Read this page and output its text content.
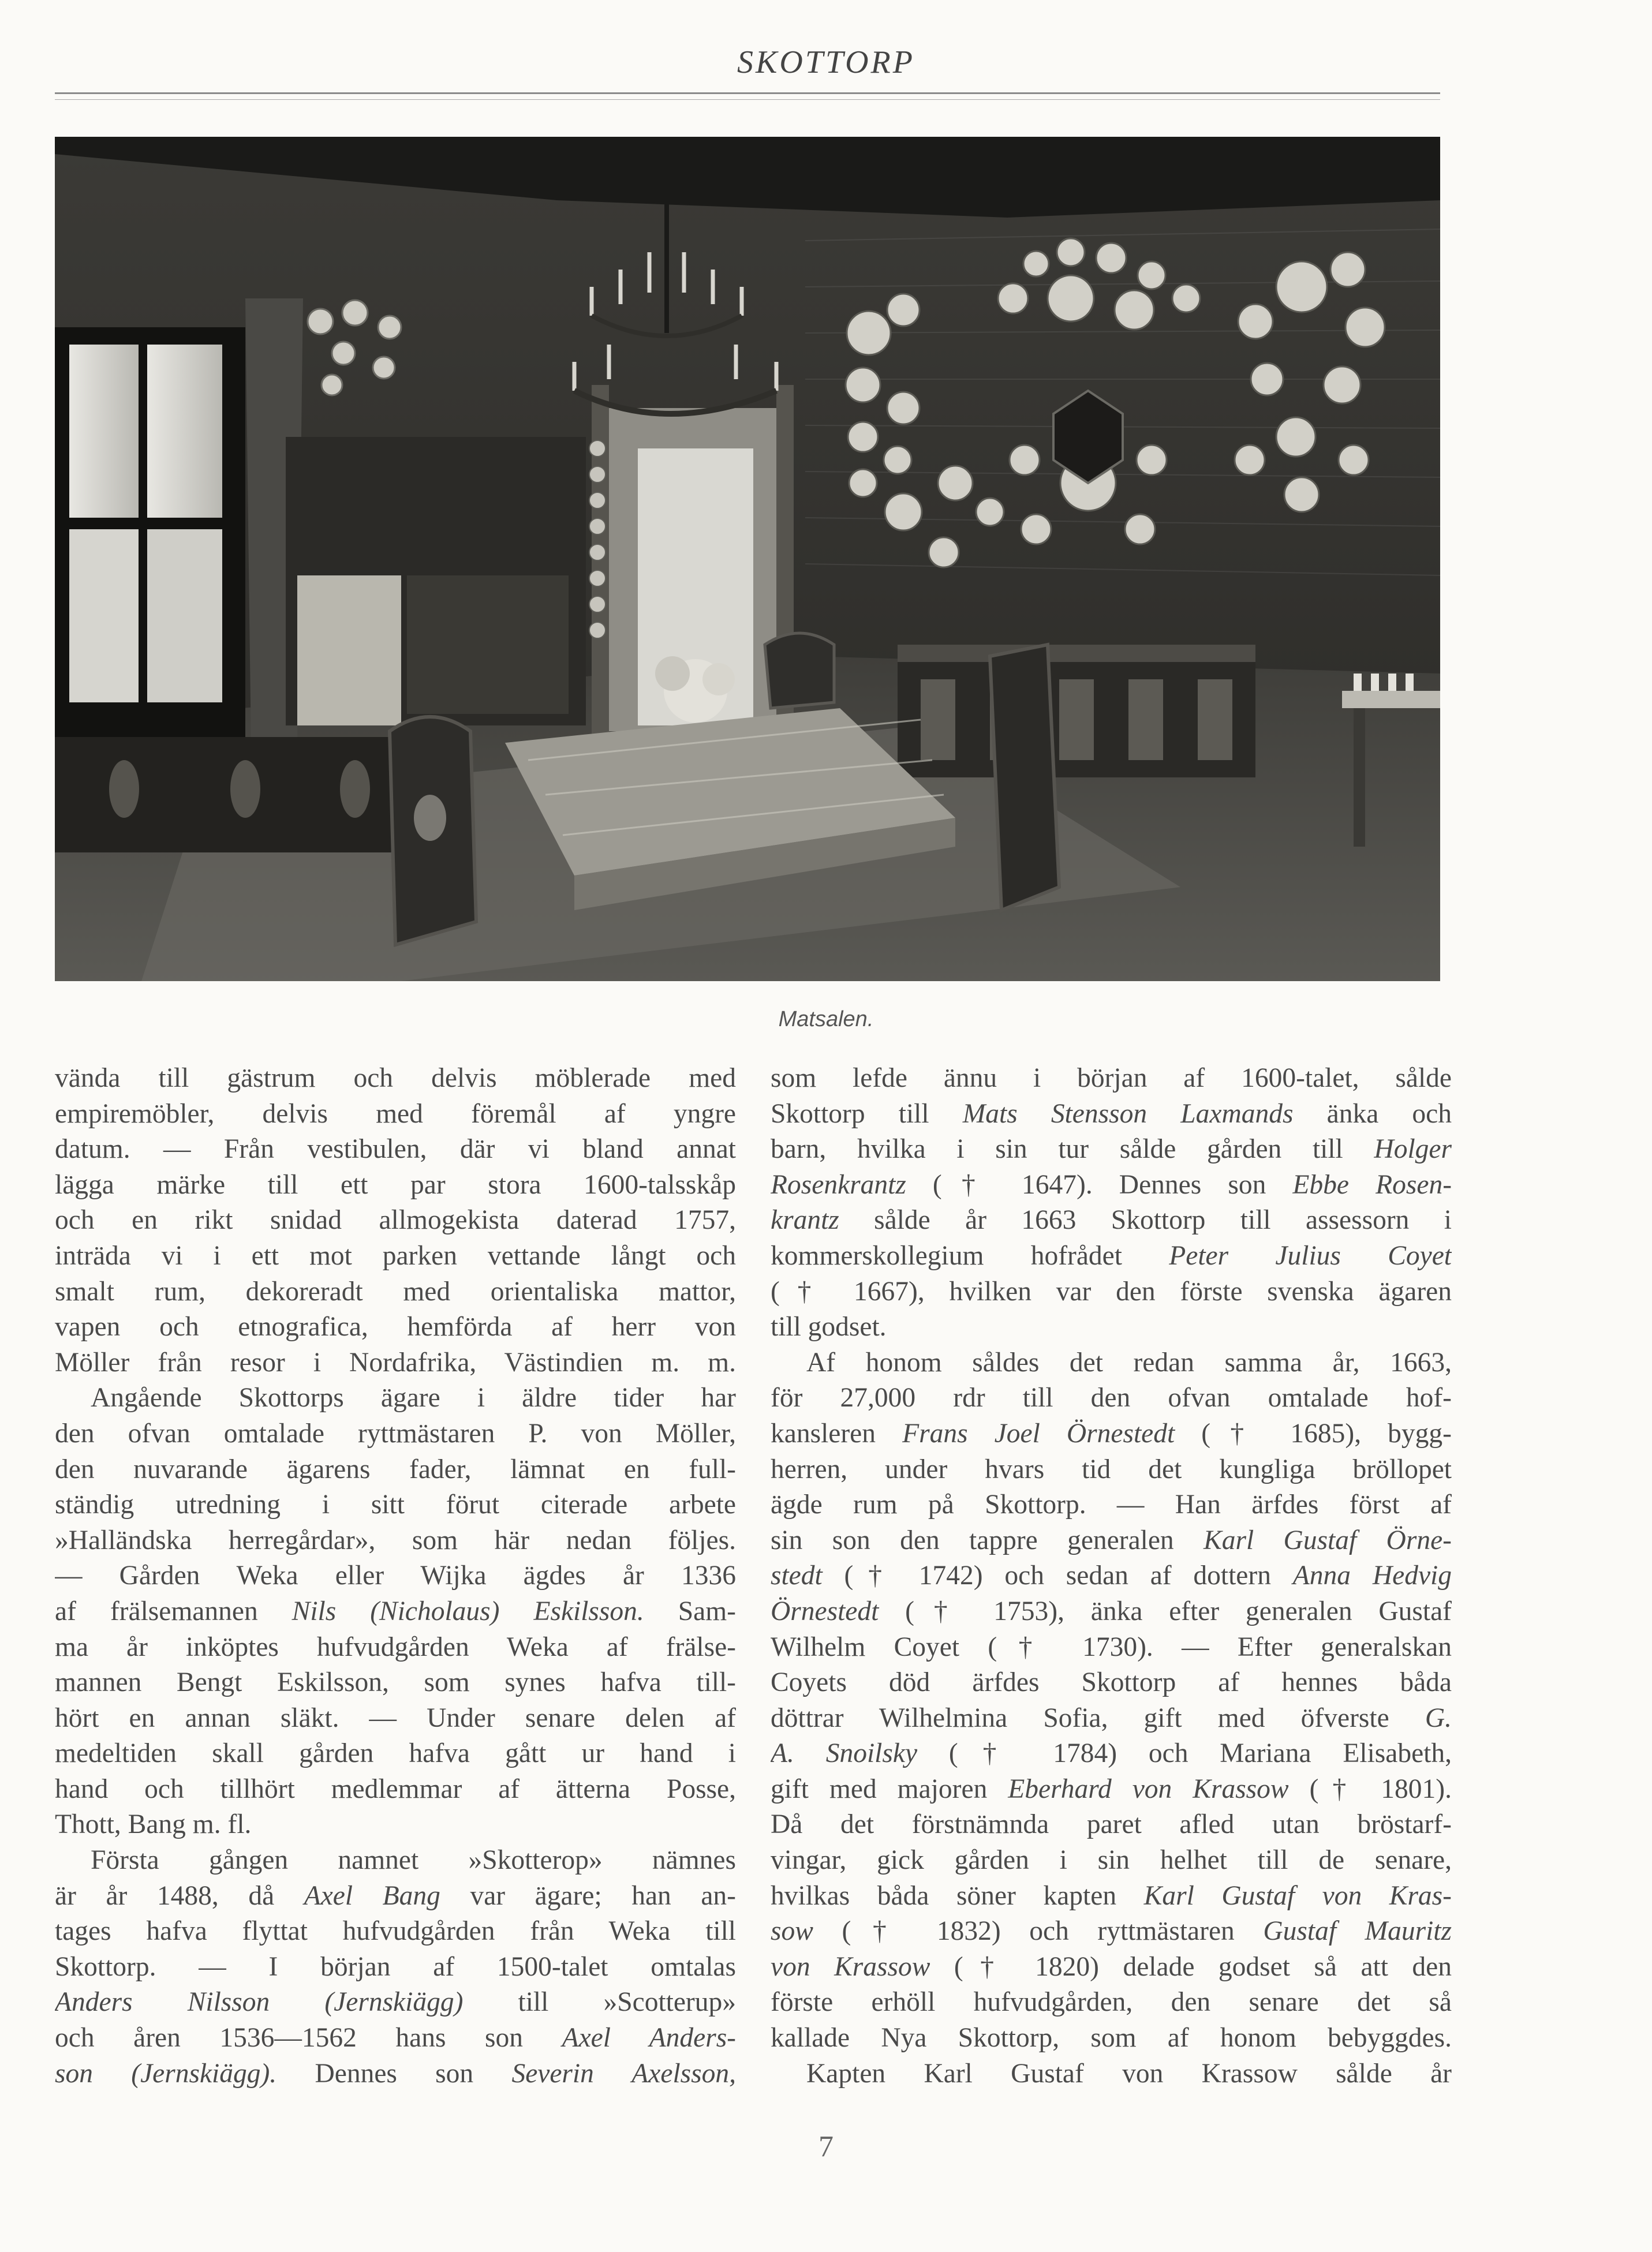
SKOTTORP
Matsalen.
vända till gästrum och delvis möblerade med
empiremöbler, delvis med föremål af yngre
datum. — Från vestibulen, där vi bland annat
lägga märke till ett par stora 1600-talsskåp
och en rikt snidad allmogekista daterad 1757,
inträda vi i ett mot parken vettande långt och
smalt rum, dekoreradt med orientaliska mattor,
vapen och etnografica, hemförda af herr von
Möller från resor i Nordafrika, Västindien m. m.
Angående Skottorps ägare i äldre tider har
den ofvan omtalade ryttmästaren P. von Möller,
den nuvarande ägarens fader, lämnat en full-
ständig utredning i sitt förut citerade arbete
»Halländska herregårdar», som här nedan följes.
— Gården Weka eller Wijka ägdes år 1336
af frälsemannen Nils (Nicholaus) Eskilsson. Sam-
ma år inköptes hufvudgården Weka af frälse-
mannen Bengt Eskilsson, som synes hafva till-
hört en annan släkt. — Under senare delen af
medeltiden skall gården hafva gått ur hand i
hand och tillhört medlemmar af ätterna Posse,
Thott, Bang m. fl.
Första gången namnet »Skotterop» nämnes
är år 1488, då Axel Bang var ägare; han an-
tages hafva flyttat hufvudgården från Weka till
Skottorp. — I början af 1500-talet omtalas
Anders Nilsson (Jernskiägg) till »Scotterup»
och åren 1536—1562 hans son Axel Anders-
son (Jernskiägg). Dennes son Severin Axelsson,
som lefde ännu i början af 1600-talet, sålde
Skottorp till Mats Stensson Laxmands änka och
barn, hvilka i sin tur sålde gården till Holger
Rosenkrantz († 1647). Dennes son Ebbe Rosen-
krantz sålde år 1663 Skottorp till assessorn i
kommerskollegium hofrådet Peter Julius Coyet
(† 1667), hvilken var den förste svenska ägaren
till godset.
Af honom såldes det redan samma år, 1663,
för 27,000 rdr till den ofvan omtalade hof-
kansleren Frans Joel Örnestedt († 1685), bygg-
herren, under hvars tid det kungliga bröllopet
ägde rum på Skottorp. — Han ärfdes först af
sin son den tappre generalen Karl Gustaf Örne-
stedt († 1742) och sedan af dottern Anna Hedvig
Örnestedt († 1753), änka efter generalen Gustaf
Wilhelm Coyet († 1730). — Efter generalskan
Coyets död ärfdes Skottorp af hennes båda
döttrar Wilhelmina Sofia, gift med öfverste G.
A. Snoilsky († 1784) och Mariana Elisabeth,
gift med majoren Eberhard von Krassow († 1801).
Då det förstnämnda paret afled utan bröstarf-
vingar, gick gården i sin helhet till de senare,
hvilkas båda söner kapten Karl Gustaf von Kras-
sow († 1832) och ryttmästaren Gustaf Mauritz
von Krassow († 1820) delade godset så att den
förste erhöll hufvudgården, den senare det så
kallade Nya Skottorp, som af honom bebyggdes.
Kapten Karl Gustaf von Krassow sålde år
7
